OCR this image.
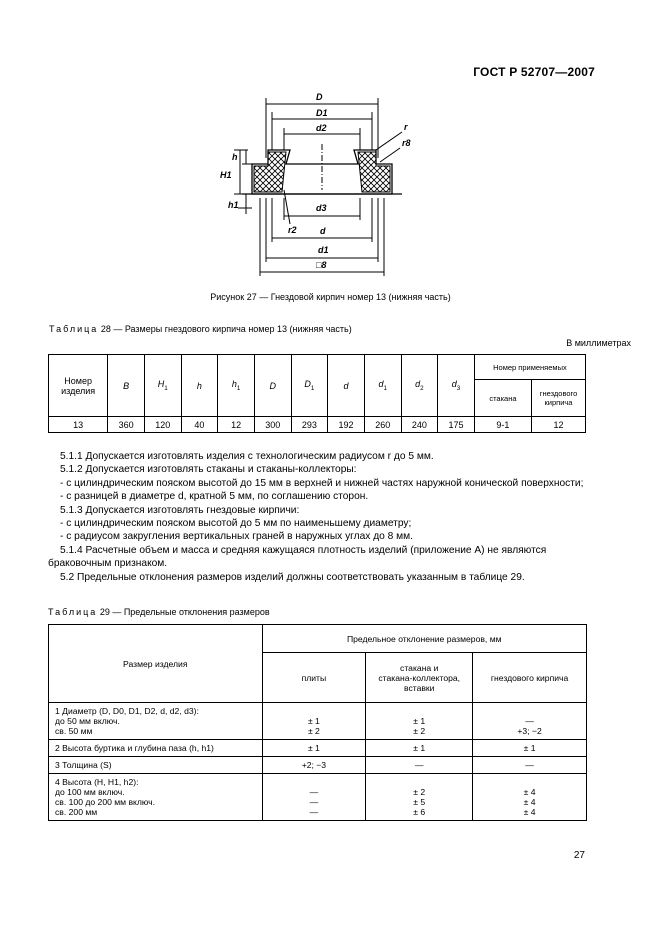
ГОСТ Р 52707—2007
D
D1
d2	r
r8
H1
h
h1	d3
r2	d
d1
□8
Рисунок 27 — Гнездовой кирпич номер 13 (нижняя часть)
Таблица 28 — Размеры гнездового кирпича номер 13 (нижняя часть)
В миллиметрах
Номер
изделия	B	$H_1$	h	$h_1$	D	$D_1$	d	$d_1$	$d_2$	$d_3$	Номер применяемых	
											стакана	гнездового
кирпича
13	360	120	40	12	300	293	192	260	240	175	9-1	12

5.1.1 Допускается изготовлять изделия с технологическим радиусом r до 5 мм.

5.1.2 Допускается изготовлять стаканы и стаканы-коллекторы:

- с цилиндрическим пояском высотой до 15 мм в верхней и нижней частях наружной конической поверхности;

- с разницей в диаметре d, кратной 5 мм, по соглашению сторон.

5.1.3 Допускается изготовлять гнездовые кирпичи:

- с цилиндрическим пояском высотой до 5 мм по наименьшему диаметру;

- с радиусом закругления вертикальных граней в наружных углах до 8 мм.

5.1.4 Расчетные объем и масса и средняя кажущаяся плотность изделий (приложение А) не являются браковочным признаком.

5.2 Предельные отклонения размеров изделий должны соответствовать указанным в таблице 29.

Таблица 29 — Предельные отклонения размеров
Размер изделия	Предельное отклонение размеров, мм		
	плиты	стакана и
стакана-коллектора,
вставки	гнездового кирпича
1 Диаметр (D, D0, D1, D2, d, d2, d3):
до 50 мм включ.
св. 50 мм	± 1
± 2	± 1
± 2	—
+3; −2
2 Высота буртика и глубина паза (h, h1)	± 1	± 1	± 1
3 Толщина (S)	+2; −3	—	—
4 Высота (H, H1, h2):
до 100 мм включ.
св. 100 до 200 мм включ.
св. 200 мм	—
—
—	± 2
± 5
± 6	± 4
± 4
± 4
27
